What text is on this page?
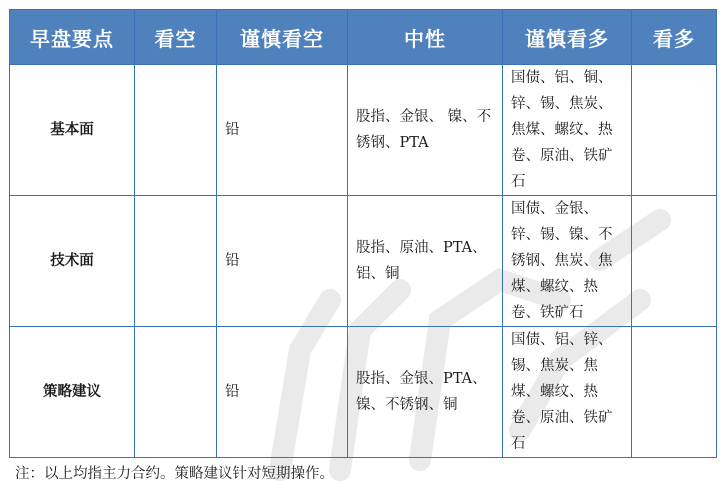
早盘要点	看空	谨慎看空	中性	谨慎看多	看多
基本面		铅	股指、金银、 镍、不锈钢、PTA	国债、铝、铜、锌、锡、焦炭、焦煤、螺纹、热卷、原油、铁矿石	
技术面		铅	股指、原油、PTA、铝、铜	国债、金银、锌、锡、镍、不锈钢、焦炭、焦煤、螺纹、热卷、铁矿石	
策略建议		铅	股指、金银、PTA、镍、不锈钢、铜	国债、铝、锌、锡、焦炭、焦煤、螺纹、热卷、原油、铁矿石	
注：以上均指主力合约。策略建议针对短期操作。
